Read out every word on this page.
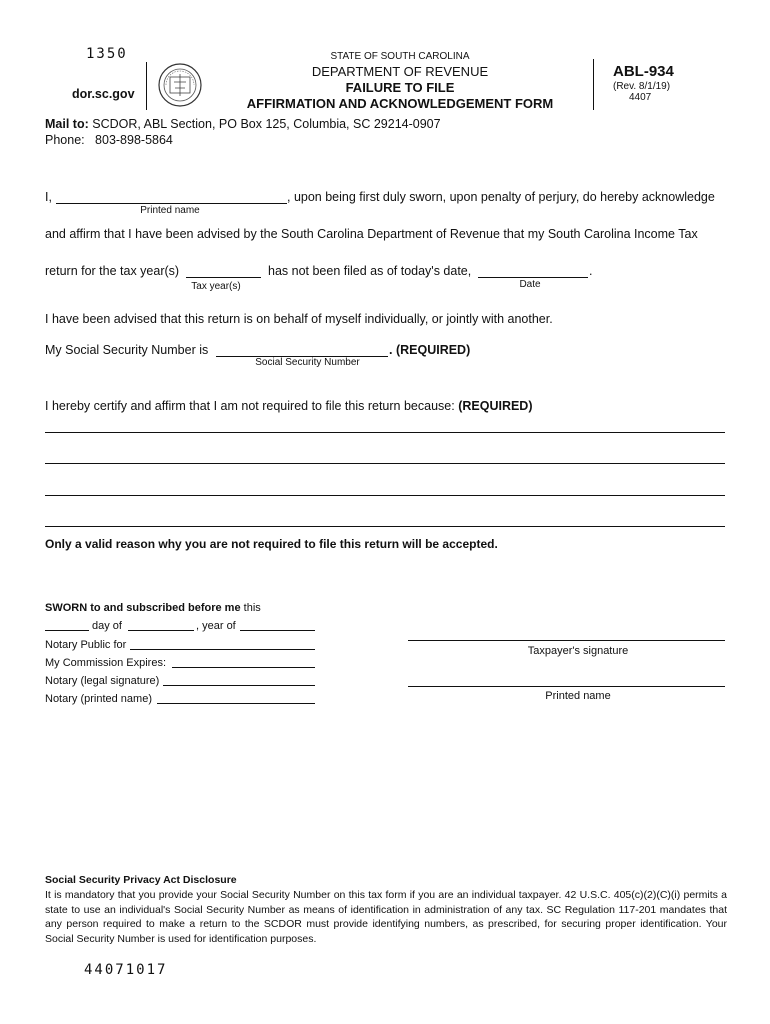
1350
dor.sc.gov
STATE OF SOUTH CAROLINA
DEPARTMENT OF REVENUE
FAILURE TO FILE
AFFIRMATION AND ACKNOWLEDGEMENT FORM
ABL-934
(Rev. 8/1/19)
4407
Mail to: SCDOR, ABL Section, PO Box 125, Columbia, SC 29214-0907
Phone:   803-898-5864
I,	, upon being first duly sworn, upon penalty of perjury, do hereby acknowledge
Printed name
and affirm that I have been advised by the South Carolina Department of Revenue that my South Carolina Income Tax
return for the tax year(s)	has not been filed as of today's date,	.
Tax year(s)	Date
I have been advised that this return is on behalf of myself individually, or jointly with another.
My Social Security Number is	. (REQUIRED)
Social Security Number
I hereby certify and affirm that I am not required to file this return because: (REQUIRED)
Only a valid reason why you are not required to file this return will be accepted.
SWORN to and subscribed before me this
day of	, year of
Notary Public for
My Commission Expires:
Notary (legal signature)
Notary (printed name)
Taxpayer's signature
Printed name
Social Security Privacy Act Disclosure
It is mandatory that you provide your Social Security Number on this tax form if you are an individual taxpayer. 42 U.S.C. 405(c)(2)(C)(i) permits a state to use an individual's Social Security Number as means of identification in administration of any tax. SC Regulation 117-201 mandates that any person required to make a return to the SCDOR must provide identifying numbers, as prescribed, for securing proper identification. Your Social Security Number is used for identification purposes.
44071017
